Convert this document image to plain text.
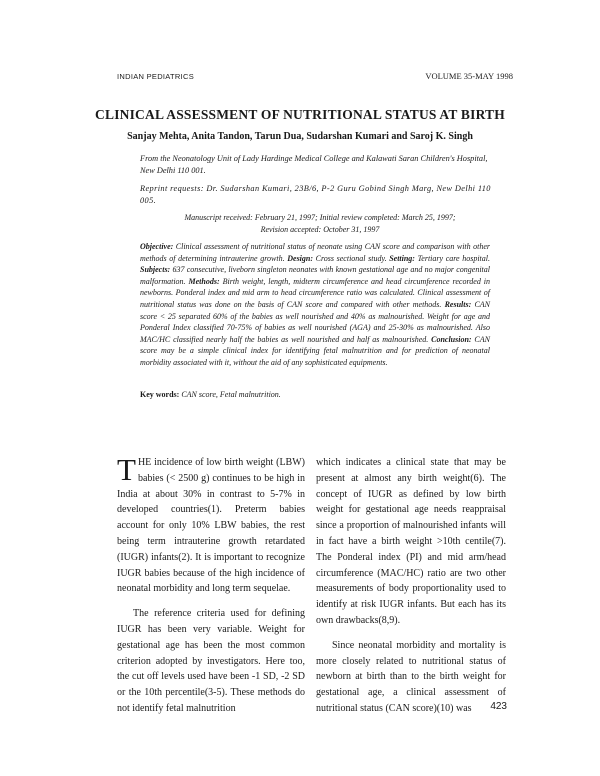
INDIAN PEDIATRICS	VOLUME 35-MAY 1998
CLINICAL ASSESSMENT OF NUTRITIONAL STATUS AT BIRTH
Sanjay Mehta, Anita Tandon, Tarun Dua, Sudarshan Kumari and Saroj K. Singh
From the Neonatology Unit of Lady Hardinge Medical College and Kalawati Saran Children's Hospital, New Delhi 110 001.
Reprint requests: Dr. Sudarshan Kumari, 23B/6, P-2 Guru Gobind Singh Marg, New Delhi 110 005.
Manuscript received: February 21, 1997; Initial review completed: March 25, 1997;
Revision accepted: October 31, 1997
Objective: Clinical assessment of nutritional status of neonate using CAN score and comparison with other methods of determining intrauterine growth. Design: Cross sectional study. Setting: Tertiary care hospital. Subjects: 637 consecutive, liveborn singleton neonates with known gestational age and no major congenital malformation. Methods: Birth weight, length, midterm circumference and head circumference recorded in newborns. Ponderal index and mid arm to head circumference ratio was calculated. Clinical assessment of nutritional status was done on the basis of CAN score and compared with other methods. Results: CAN score < 25 separated 60% of the babies as well nourished and 40% as malnourished. Weight for age and Ponderal Index classified 70-75% of babies as well nourished (AGA) and 25-30% as malnourished. Also MAC/HC classified nearly half the babies as well nourished and half as malnourished. Conclusion: CAN score may be a simple clinical index for identifying fetal malnutrition and for prediction of neonatal morbidity associated with it, without the aid of any sophisticated equipments.
Key words: CAN score, Fetal malnutrition.

THE incidence of low birth weight (LBW) babies (< 2500 g) continues to be high in India at about 30% in contrast to 5-7% in developed countries(1). Preterm babies account for only 10% LBW babies, the rest being term intrauterine growth retardated (IUGR) infants(2). It is important to recognize IUGR babies because of the high incidence of neonatal morbidity and long term sequelae.

The reference criteria used for defining IUGR has been very variable. Weight for gestational age has been the most common criterion adopted by investigators. Here too, the cut off levels used have been -1 SD, -2 SD or the 10th percentile(3-5). These methods do not identify fetal malnutrition

which indicates a clinical state that may be present at almost any birth weight(6). The concept of IUGR as defined by low birth weight for gestational age needs reappraisal since a proportion of malnourished infants will in fact have a birth weight >10th centile(7). The Ponderal index (PI) and mid arm/head circumference (MAC/HC) ratio are two other measurements of body proportionality used to identify at risk IUGR infants. But each has its own drawbacks(8,9).

Since neonatal morbidity and mortality is more closely related to nutritional status of newborn at birth than to the birth weight for gestational age, a clinical assessment of nutritional status (CAN score)(10) was	423
